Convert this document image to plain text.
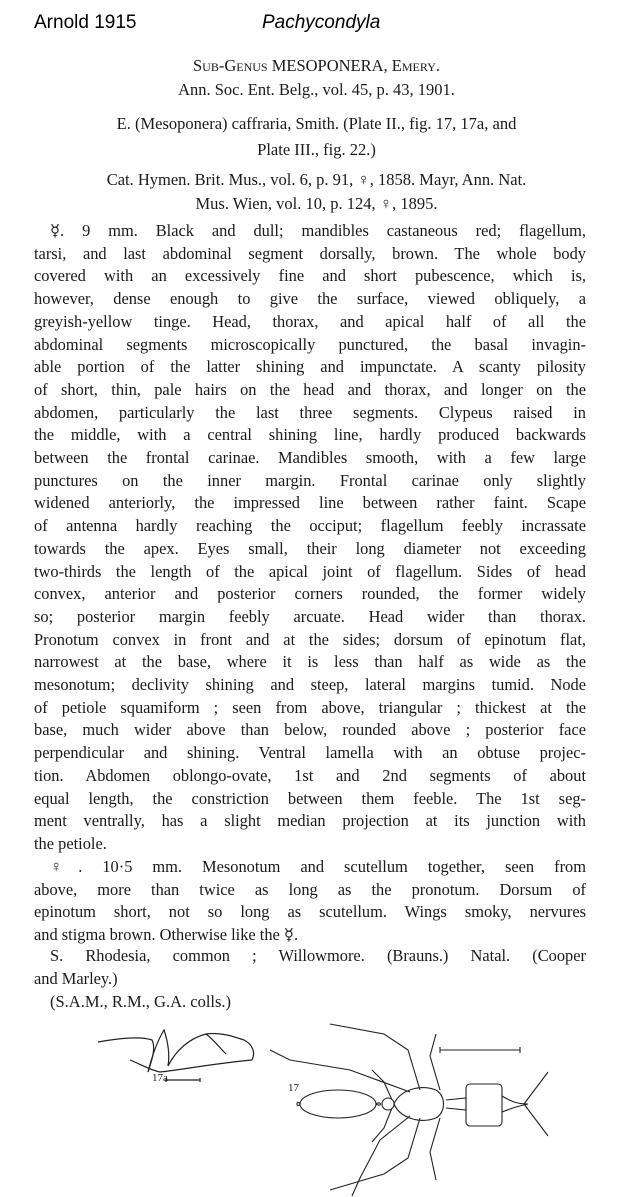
Arnold 1915	Pachycondyla
Sub-Genus MESOPONERA, Emery.
Ann. Soc. Ent. Belg., vol. 45, p. 43, 1901.
E. (Mesoponera) caffraria, Smith. (Plate II., fig. 17, 17a, and
Plate III., fig. 22.)
Cat. Hymen. Brit. Mus., vol. 6, p. 91, ♀, 1858. Mayr, Ann. Nat.
Mus. Wien, vol. 10, p. 124, ♀, 1895.
☿. 9 mm. Black and dull; mandibles castaneous red; flagellum,
tarsi, and last abdominal segment dorsally, brown. The whole body
covered with an excessively fine and short pubescence, which is,
however, dense enough to give the surface, viewed obliquely, a
greyish-yellow tinge. Head, thorax, and apical half of all the
abdominal segments microscopically punctured, the basal invagin-
able portion of the latter shining and impunctate. A scanty pilosity
of short, thin, pale hairs on the head and thorax, and longer on the
abdomen, particularly the last three segments. Clypeus raised in
the middle, with a central shining line, hardly produced backwards
between the frontal carinae. Mandibles smooth, with a few large
punctures on the inner margin. Frontal carinae only slightly
widened anteriorly, the impressed line between rather faint. Scape
of antenna hardly reaching the occiput; flagellum feebly incrassate
towards the apex. Eyes small, their long diameter not exceeding
two-thirds the length of the apical joint of flagellum. Sides of head
convex, anterior and posterior corners rounded, the former widely
so; posterior margin feebly arcuate. Head wider than thorax.
Pronotum convex in front and at the sides; dorsum of epinotum flat,
narrowest at the base, where it is less than half as wide as the
mesonotum; declivity shining and steep, lateral margins tumid. Node
of petiole squamiform ; seen from above, triangular ; thickest at the
base, much wider above than below, rounded above ; posterior face
perpendicular and shining. Ventral lamella with an obtuse projec-
tion. Abdomen oblongo-ovate, 1st and 2nd segments of about
equal length, the constriction between them feeble. The 1st seg-
ment ventrally, has a slight median projection at its junction with
the petiole.
♀. 10·5 mm. Mesonotum and scutellum together, seen from
above, more than twice as long as the pronotum. Dorsum of
epinotum short, not so long as scutellum. Wings smoky, nervures
and stigma brown. Otherwise like the ☿.
S. Rhodesia, common ; Willowmore. (Brauns.) Natal. (Cooper
and Marley.)
(S.A.M., R.M., G.A. colls.)
17a
17
